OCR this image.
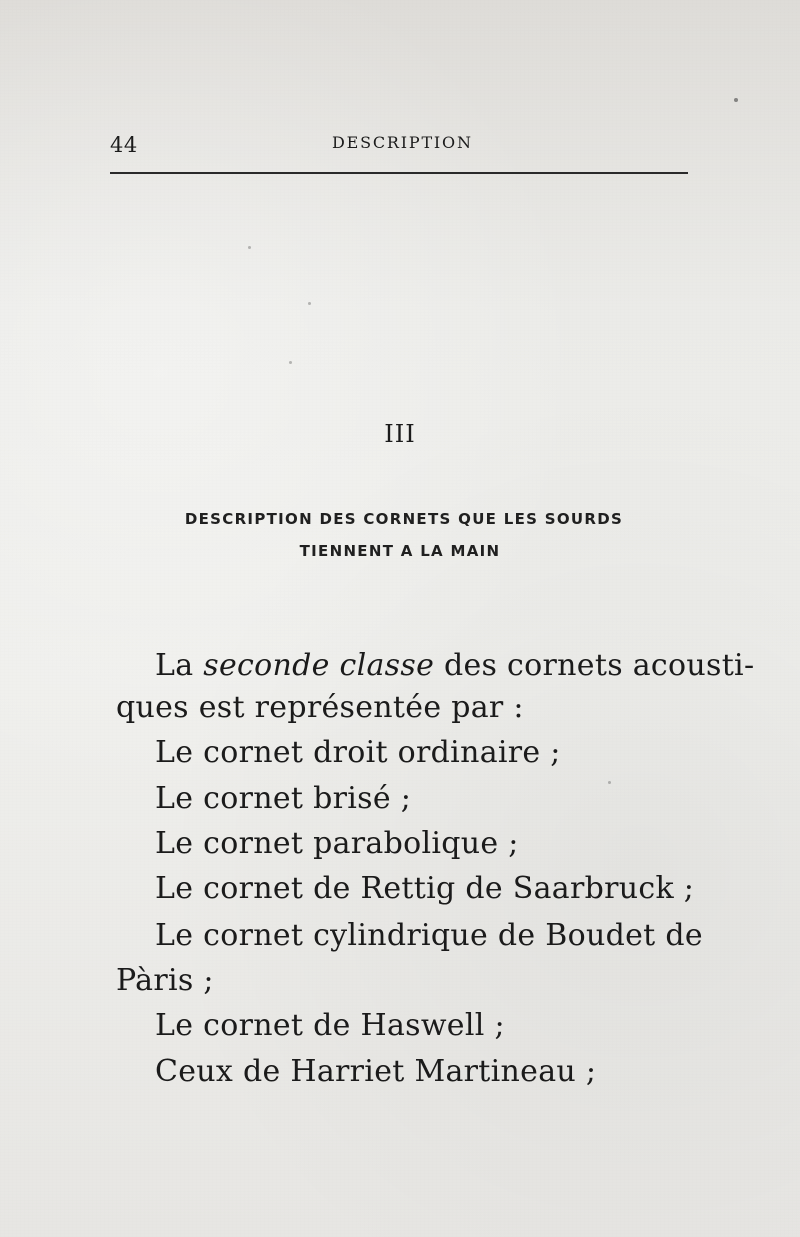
44	DESCRIPTION
III
DESCRIPTION DES CORNETS QUE LES SOURDS
TIENNENT A LA MAIN
La seconde classe des cornets acousti-
ques est représentée par :
Le cornet droit ordinaire ;
Le cornet brisé ;
Le cornet parabolique ;
Le cornet de Rettig de Saarbruck ;
Le cornet cylindrique de Boudet de
Pàris ;
Le cornet de Haswell ;
Ceux de Harriet Martineau ;
